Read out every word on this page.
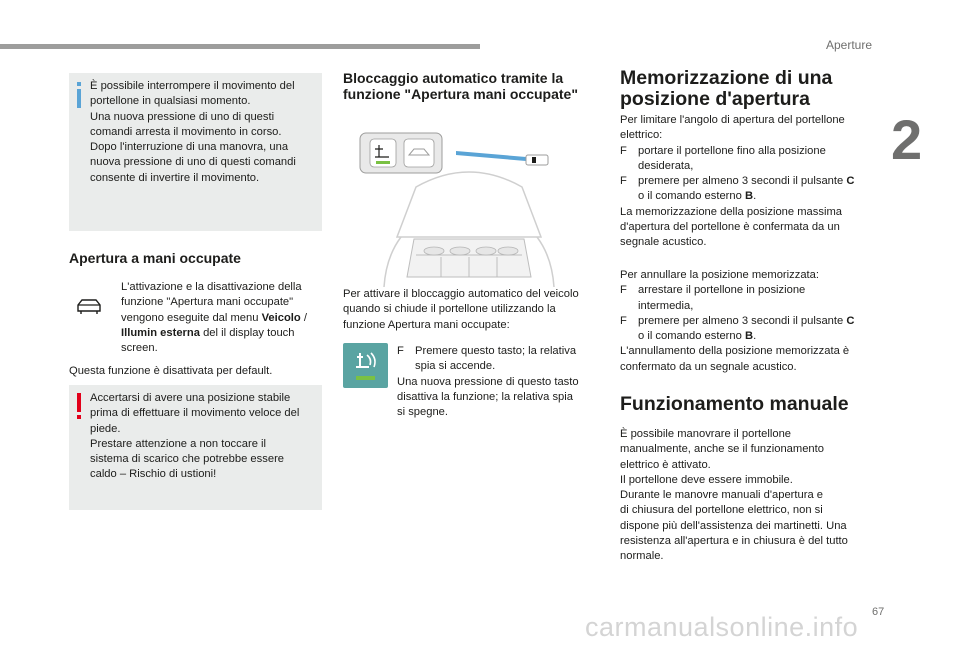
Aperture
2
67
È possibile interrompere il movimento del
portellone in qualsiasi momento.
Una nuova pressione di uno di questi
comandi arresta il movimento in corso.
Dopo l'interruzione di una manovra, una
nuova pressione di uno di questi comandi
consente di invertire il movimento.
Apertura a mani occupate
L'attivazione e la disattivazione della
funzione "Apertura mani occupate"
vengono eseguite dal menu Veicolo /
Illumin esterna del il display touch
screen.
Questa funzione è disattivata per default.
Accertarsi di avere una posizione stabile
prima di effettuare il movimento veloce del
piede.
Prestare attenzione a non toccare il
sistema di scarico che potrebbe essere
caldo – Rischio di ustioni!
Bloccaggio automatico tramite la
funzione "Apertura mani occupate"
Per attivare il bloccaggio automatico del veicolo
quando si chiude il portellone utilizzando la
funzione Apertura mani occupate:
F Premere questo tasto; la relativa
spia si accende.
Una nuova pressione di questo tasto
disattiva la funzione; la relativa spia
si spegne.
Memorizzazione di una
posizione d'apertura
Per limitare l'angolo di apertura del portellone
elettrico:
F portare il portellone fino alla posizione
desiderata,
F premere per almeno 3 secondi il pulsante C
o il comando esterno B.
La memorizzazione della posizione massima
d'apertura del portellone è confermata da un
segnale acustico.
Per annullare la posizione memorizzata:
F arrestare il portellone in posizione
intermedia,
F premere per almeno 3 secondi il pulsante C
o il comando esterno B.
L'annullamento della posizione memorizzata è
confermato da un segnale acustico.
Funzionamento manuale
È possibile manovrare il portellone
manualmente, anche se il funzionamento
elettrico è attivato.
Il portellone deve essere immobile.
Durante le manovre manuali d'apertura e
di chiusura del portellone elettrico, non si
dispone più dell'assistenza dei martinetti. Una
resistenza all'apertura e in chiusura è del tutto
normale.
carmanualsonline.info
